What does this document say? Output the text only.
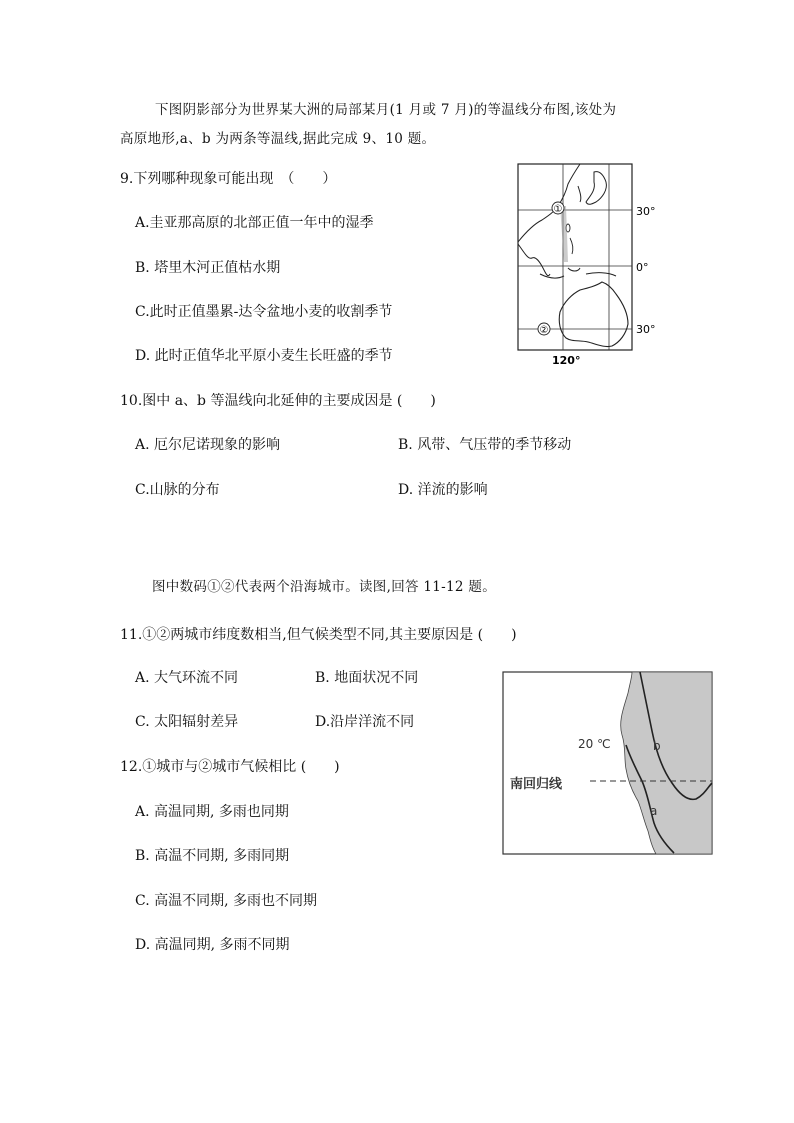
下图阴影部分为世界某大洲的局部某月(1 月或 7 月)的等温线分布图,该处为
高原地形,a、b 为两条等温线,据此完成 9、10 题。
9.下列哪种现象可能出现　（　　）
A.圭亚那高原的北部正值一年中的湿季
B. 塔里木河正值枯水期
C.此时正值墨累-达令盆地小麦的收割季节
D. 此时正值华北平原小麦生长旺盛的季节
①
②
30°
0°
30°
120°
10.图中 a、b 等温线向北延伸的主要成因是 (　　)
A. 厄尔尼诺现象的影响	B. 风带、气压带的季节移动
C.山脉的分布	D. 洋流的影响
图中数码①②代表两个沿海城市。读图,回答 11-12 题。
11.①②两城市纬度数相当,但气候类型不同,其主要原因是 (　　)
A. 大气环流不同	B. 地面状况不同
C. 太阳辐射差异	D.沿岸洋流不同
20 ℃	b
a
南回归线
12.①城市与②城市气候相比 (　　)
A. 高温同期, 多雨也同期
B. 高温不同期, 多雨同期
C. 高温不同期, 多雨也不同期
D. 高温同期, 多雨不同期
